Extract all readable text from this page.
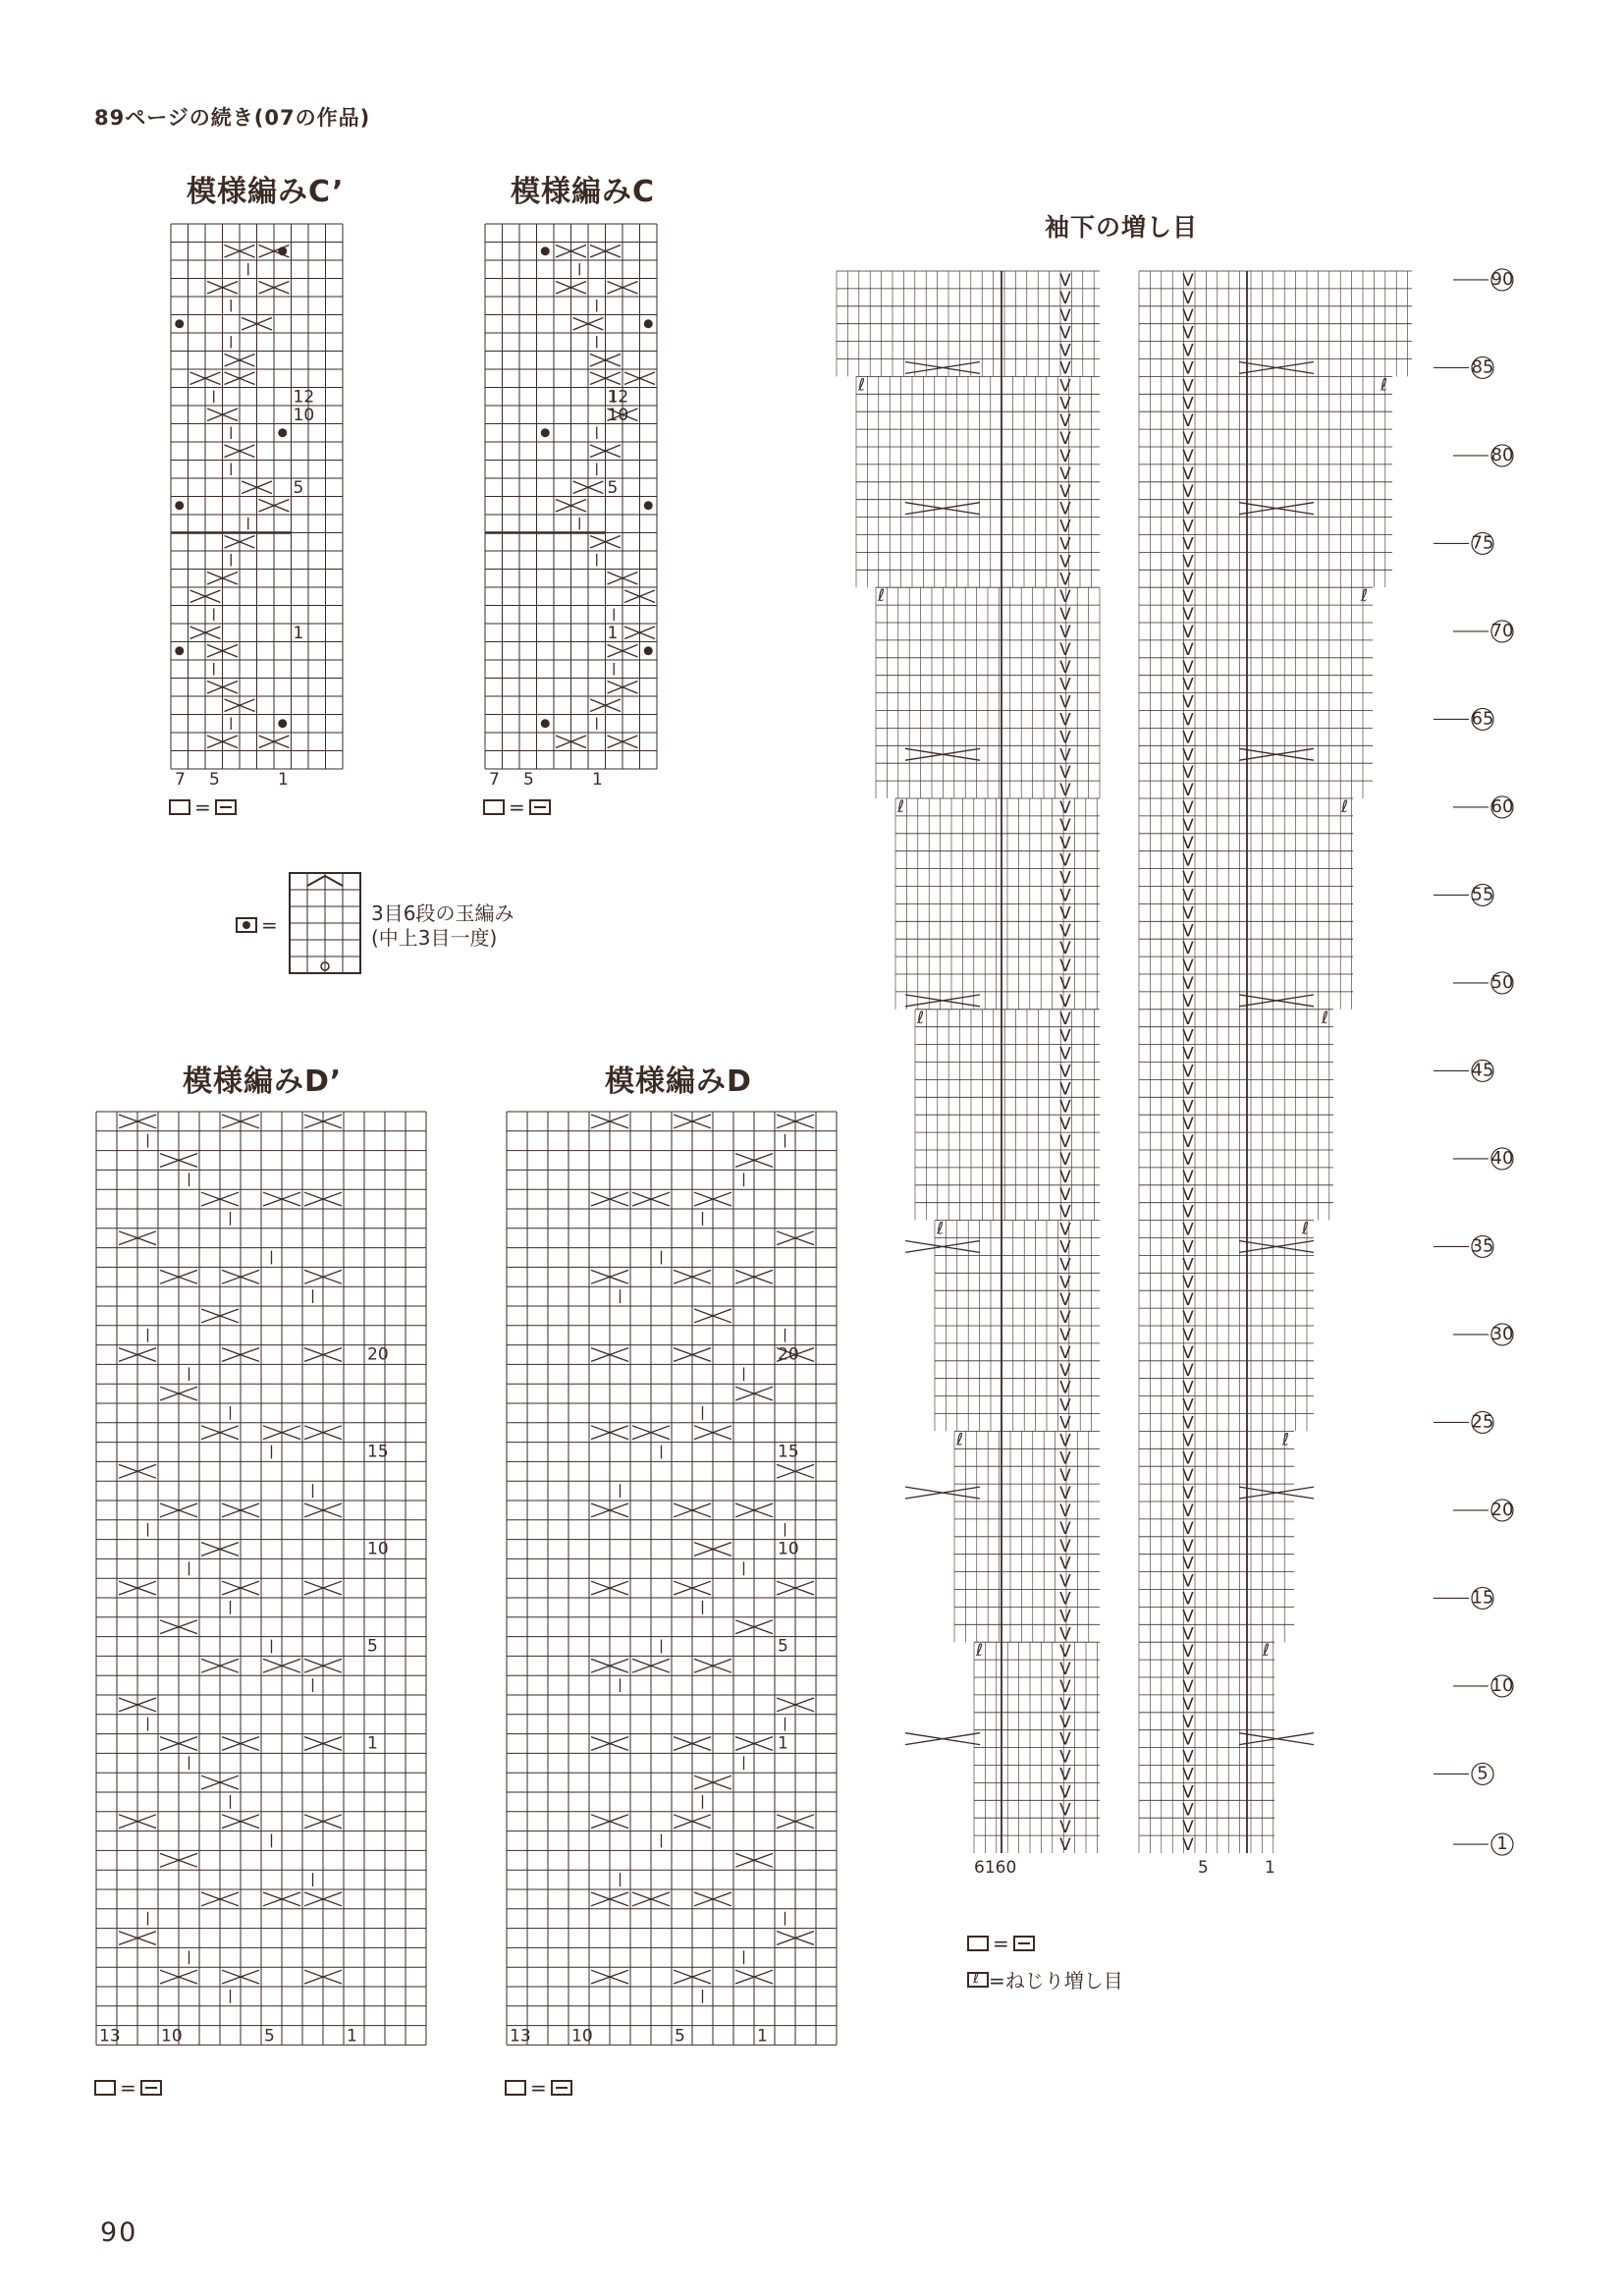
89ページの続き(07の作品)
模様編みC’
12
10
5
1
7 5	1
=
模様編みC
12
10
5
1
7 5	1
=
=	3目6段の玉編み
(中上3目一度)
模様編みD’
20
15
10
5
1
13 10	5	1
=
模様編みD
20
15
10
5
1
13 10	5	1
=
袖下の増し目
V	V
V	V
V	V
V	V
V	V
V	V
V	V
V	V
V	V
V	V
V	V
V	V
V	V
V	V
V	V
V	V
V	V
V	V
V	V
V	V
V	V
V	V
V	V
V	V
V	V
V	V
V	V
V	V
V	V
V	V
V	V
V	V
V	V
V	V
V	V
V	V
V	V
V	V
V	V
V	V
V	V
V	V
V	V
V	V
V	V
V	V
V	V
V	V
V	V
V	V
V	V
V	V
V	V
V	V
V	V
V	V
V	V
V	V
V	V
V	V
V	V
V	V
V	V
V	V
V	V
V	V
V	V
V	V
V	V
V	V
V	V
V	V
V	V
V	V
V	V
V	V
V	V
V	V
V	V
V	V
V	V
V	V
V	V
V	V
V	V
V	V
V	V
V	V
V	V
V	V
ℓ	ℓ
ℓ	ℓ
ℓ	ℓ
ℓ	ℓ
ℓ	ℓ
ℓ	ℓ
ℓ	ℓ
90
85
80
75
70
65
60
55
50
45
40
35
30
25
20
15
10
5
1
6160	5	1
=
ℓ=ねじり増し目
90
